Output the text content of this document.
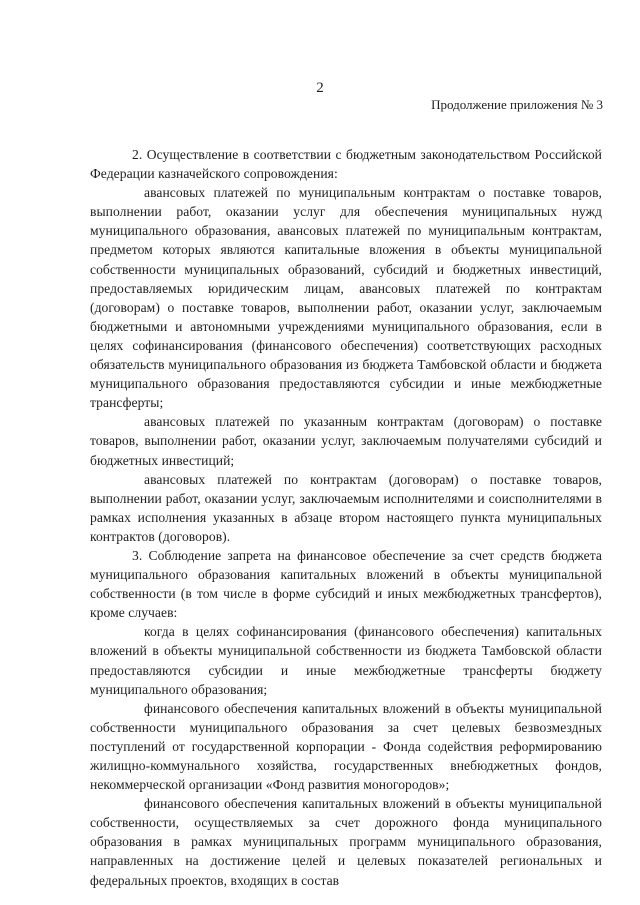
2
Продолжение приложения № 3

2. Осуществление в соответствии с бюджетным законодательством Российской Федерации казначейского сопровождения:

авансовых платежей по муниципальным контрактам о поставке товаров, выполнении работ, оказании услуг для обеспечения муниципальных нужд муниципального образования, авансовых платежей по муниципальным контрактам, предметом которых являются капитальные вложения в объекты муниципальной собственности муниципальных образований, субсидий и бюджетных инвестиций, предоставляемых юридическим лицам, авансовых платежей по контрактам (договорам) о поставке товаров, выполнении работ, оказании услуг, заключаемым бюджетными и автономными учреждениями муниципального образования, если в целях софинансирования (финансового обеспечения) соответствующих расходных обязательств муниципального образования из бюджета Тамбовской области и бюджета муниципального образования предоставляются субсидии и иные межбюджетные трансферты;

авансовых платежей по указанным контрактам (договорам) о поставке товаров, выполнении работ, оказании услуг, заключаемым получателями субсидий и бюджетных инвестиций;

авансовых платежей по контрактам (договорам) о поставке товаров, выполнении работ, оказании услуг, заключаемым исполнителями и соисполнителями в рамках исполнения указанных в абзаце втором настоящего пункта муниципальных контрактов (договоров).

3. Соблюдение запрета на финансовое обеспечение за счет средств бюджета муниципального образования капитальных вложений в объекты муниципальной собственности (в том числе в форме субсидий и иных межбюджетных трансфертов), кроме случаев:

когда в целях софинансирования (финансового обеспечения) капитальных вложений в объекты муниципальной собственности из бюджета Тамбовской области предоставляются субсидии и иные межбюджетные трансферты бюджету муниципального образования;

финансового обеспечения капитальных вложений в объекты муниципальной собственности муниципального образования за счет целевых безвозмездных поступлений от государственной корпорации - Фонда содействия реформированию жилищно-коммунального хозяйства, государственных внебюджетных фондов, некоммерческой организации «Фонд развития моногородов»;

финансового обеспечения капитальных вложений в объекты муниципальной собственности, осуществляемых за счет дорожного фонда муниципального образования в рамках муниципальных программ муниципального образования, направленных на достижение целей и целевых показателей региональных и федеральных проектов, входящих в состав
